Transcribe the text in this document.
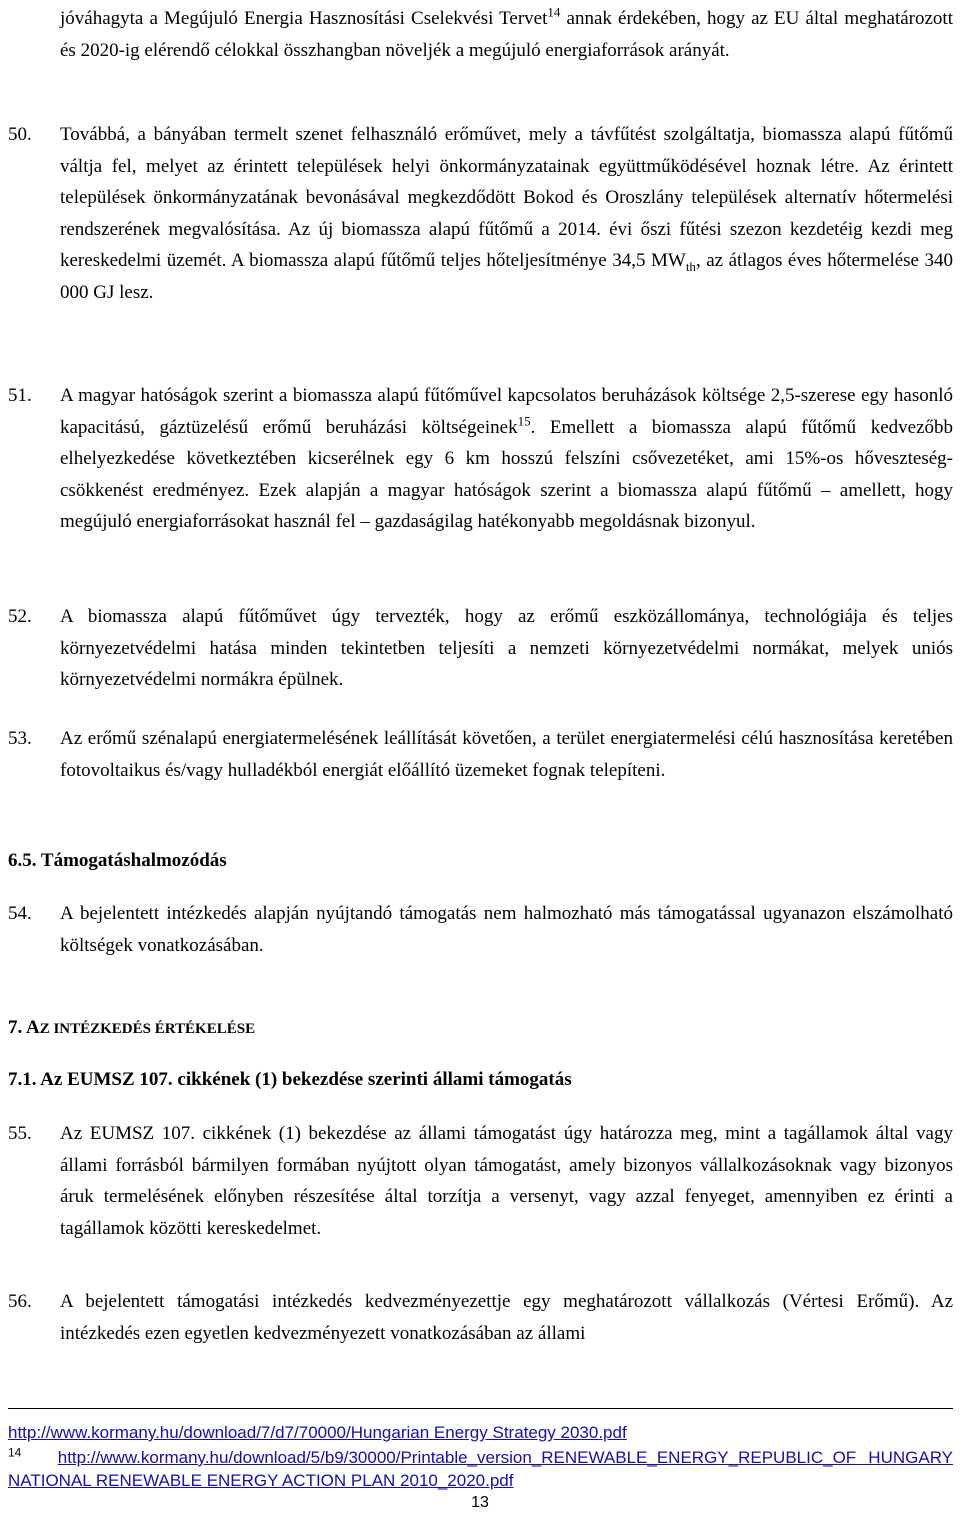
jóváhagyta a Megújuló Energia Hasznosítási Cselekvési Tervet$^{14}$ annak érdekében, hogy az EU által meghatározott és 2020-ig elérendő célokkal összhangban növeljék a megújuló energiaforrások arányát.

50. Továbbá, a bányában termelt szenet felhasználó erőművet, mely a távfűtést szolgáltatja, biomassza alapú fűtőmű váltja fel, melyet az érintett települések helyi önkormányzatainak együttműködésével hoznak létre. Az érintett települések önkormányzatának bevonásával megkezdődött Bokod és Oroszlány települések alternatív hőtermelési rendszerének megvalósítása. Az új biomassza alapú fűtőmű a 2014. évi őszi fűtési szezon kezdetéig kezdi meg kereskedelmi üzemét. A biomassza alapú fűtőmű teljes hőteljesítménye 34,5 $MW_{th}$, az átlagos éves hőtermelése 340 000 GJ lesz.

51. A magyar hatóságok szerint a biomassza alapú fűtőművel kapcsolatos beruházások költsége 2,5-szerese egy hasonló kapacitású, gáztüzelésű erőmű beruházási költségeinek$^{15}$. Emellett a biomassza alapú fűtőmű kedvezőbb elhelyezkedése következtében kicserélnek egy 6 km hosszú felszíni csővezetéket, ami 15%-os hőveszteség-csökkenést eredményez. Ezek alapján a magyar hatóságok szerint a biomassza alapú fűtőmű – amellett, hogy megújuló energiaforrásokat használ fel – gazdaságilag hatékonyabb megoldásnak bizonyul.

52. A biomassza alapú fűtőművet úgy tervezték, hogy az erőmű eszközállománya, technológiája és teljes környezetvédelmi hatása minden tekintetben teljesíti a nemzeti környezetvédelmi normákat, melyek uniós környezetvédelmi normákra épülnek.

53. Az erőmű szénalapú energiatermelésének leállítását követően, a terület energiatermelési célú hasznosítása keretében fotovoltaikus és/vagy hulladékból energiát előállító üzemeket fognak telepíteni.

6.5. Támogatáshalmozódás

54. A bejelentett intézkedés alapján nyújtandó támogatás nem halmozható más támogatással ugyanazon elszámolható költségek vonatkozásában.

7. AZ INTÉZKEDÉS ÉRTÉKELÉSE

7.1. Az EUMSZ 107. cikkének (1) bekezdése szerinti állami támogatás

55. Az EUMSZ 107. cikkének (1) bekezdése az állami támogatást úgy határozza meg, mint a tagállamok által vagy állami forrásból bármilyen formában nyújtott olyan támogatást, amely bizonyos vállalkozásoknak vagy bizonyos áruk termelésének előnyben részesítése által torzítja a versenyt, vagy azzal fenyeget, amennyiben ez érinti a tagállamok közötti kereskedelmet.

56. A bejelentett támogatási intézkedés kedvezményezettje egy meghatározott vállalkozás (Vértesi Erőmű). Az intézkedés ezen egyetlen kedvezményezett vonatkozásában az állami

http://www.kormany.hu/download/7/d7/70000/Hungarian Energy Strategy 2030.pdf

$^{14}$ http://www.kormany.hu/download/5/b9/30000/Printable_version_RENEWABLE_ENERGY_REPUBLIC_OF HUNGARY NATIONAL RENEWABLE ENERGY ACTION PLAN 2010_2020.pdf

13
